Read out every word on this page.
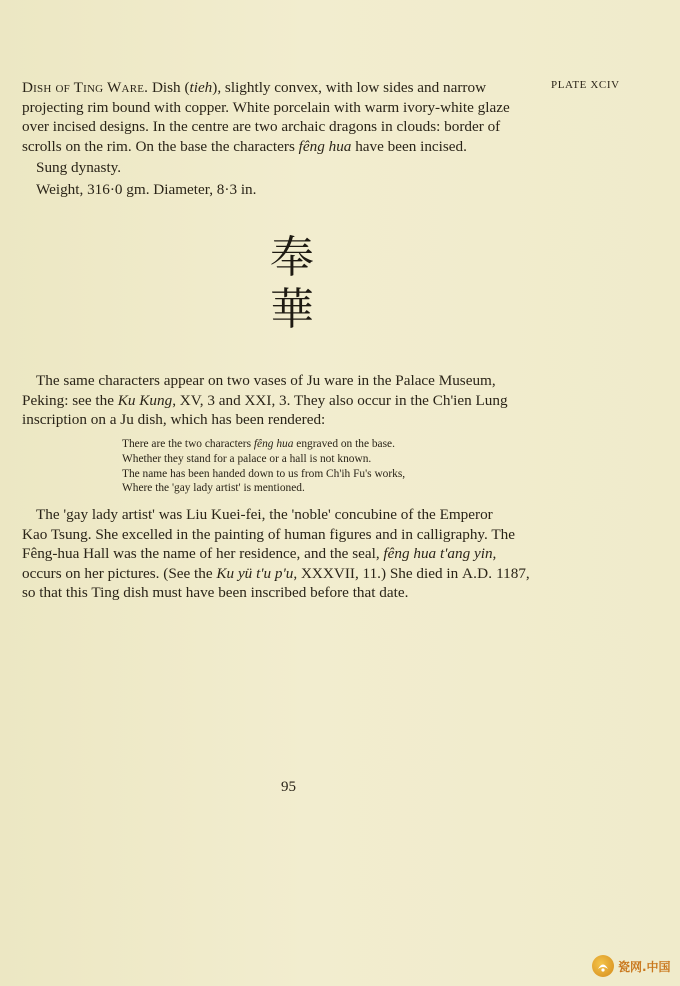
PLATE XCIV
Dish of Ting Ware. Dish (tieh), slightly convex, with low sides and narrow
projecting rim bound with copper. White porcelain with warm ivory-white glaze
over incised designs. In the centre are two archaic dragons in clouds: border of
scrolls on the rim. On the base the characters fêng hua have been incised.
Sung dynasty.
Weight, 316·0 gm. Diameter, 8·3 in.
奉
華
The same characters appear on two vases of Ju ware in the Palace Museum,
Peking: see the Ku Kung, XV, 3 and XXI, 3. They also occur in the Ch'ien Lung
inscription on a Ju dish, which has been rendered:
There are the two characters fêng hua engraved on the base.
Whether they stand for a palace or a hall is not known.
The name has been handed down to us from Ch'ih Fu's works,
Where the 'gay lady artist' is mentioned.
The 'gay lady artist' was Liu Kuei-fei, the 'noble' concubine of the Emperor
Kao Tsung. She excelled in the painting of human figures and in calligraphy. The
Fêng-hua Hall was the name of her residence, and the seal, fêng hua t'ang yin,
occurs on her pictures. (See the Ku yü t'u p'u, XXXVII, 11.) She died in A.D. 1187,
so that this Ting dish must have been inscribed before that date.
95
瓷网.中国
